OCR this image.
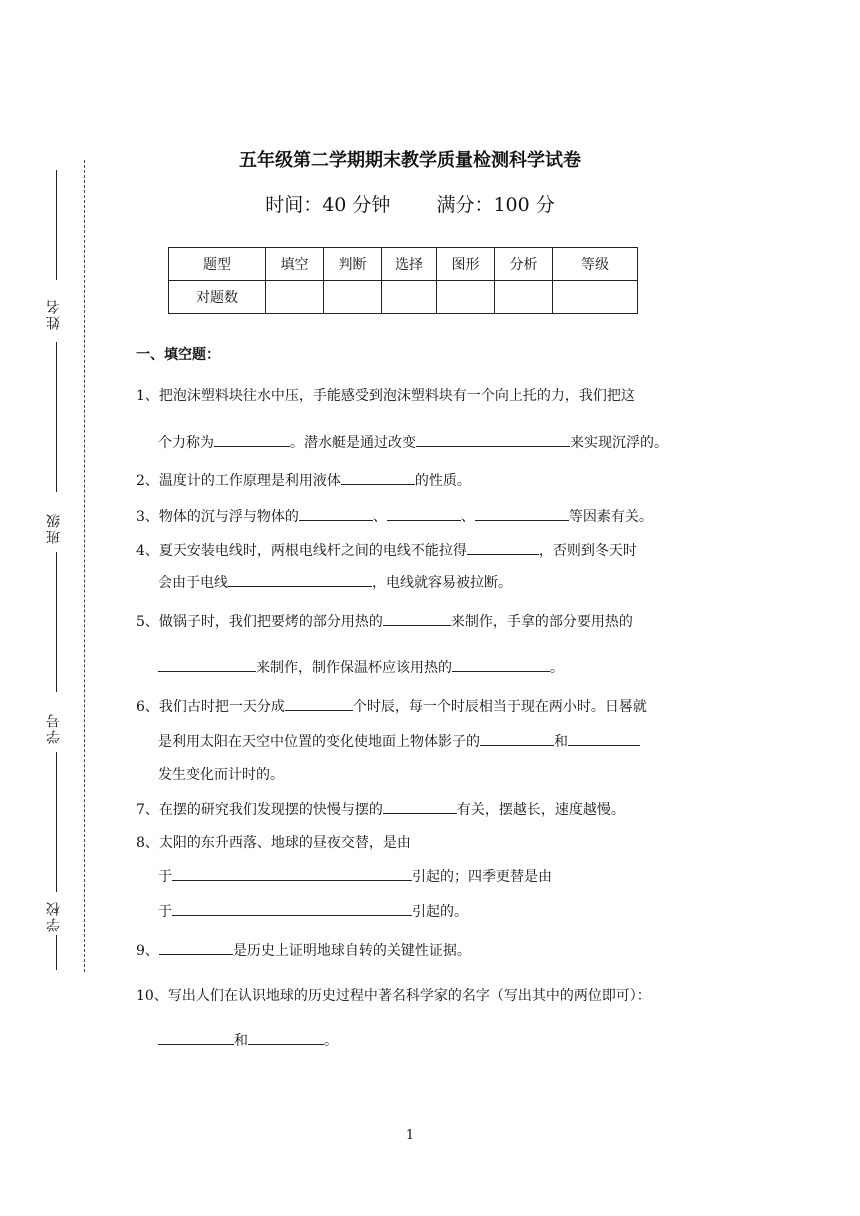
姓名
班级
学号
学校
五年级第二学期期末教学质量检测科学试卷
时间：40 分钟 满分：100 分
题型	填空	判断	选择	图形	分析	等级
对题数						
一、填空题：
1、把泡沫塑料块往水中压，手能感受到泡沫塑料块有一个向上托的力，我们把这
个力称为	。潜水艇是通过改变	来实现沉浮的。
2、温度计的工作原理是利用液体	的性质。
3、物体的沉与浮与物体的	、	、	等因素有关。
4、夏天安装电线时，两根电线杆之间的电线不能拉得	，否则到冬天时
会由于电线	，电线就容易被拉断。
5、做锅子时，我们把要烤的部分用热的	来制作，手拿的部分要用热的
来制作，制作保温杯应该用热的	。
6、我们古时把一天分成	个时辰，每一个时辰相当于现在两小时。日晷就
是利用太阳在天空中位置的变化使地面上物体影子的	和
发生变化而计时的。
7、在摆的研究我们发现摆的快慢与摆的	有关，摆越长，速度越慢。
8、太阳的东升西落、地球的昼夜交替，是由
于	引起的；四季更替是由
于	引起的。
9、	是历史上证明地球自转的关键性证据。
10、写出人们在认识地球的历史过程中著名科学家的名字（写出其中的两位即可）：
和	。
1
